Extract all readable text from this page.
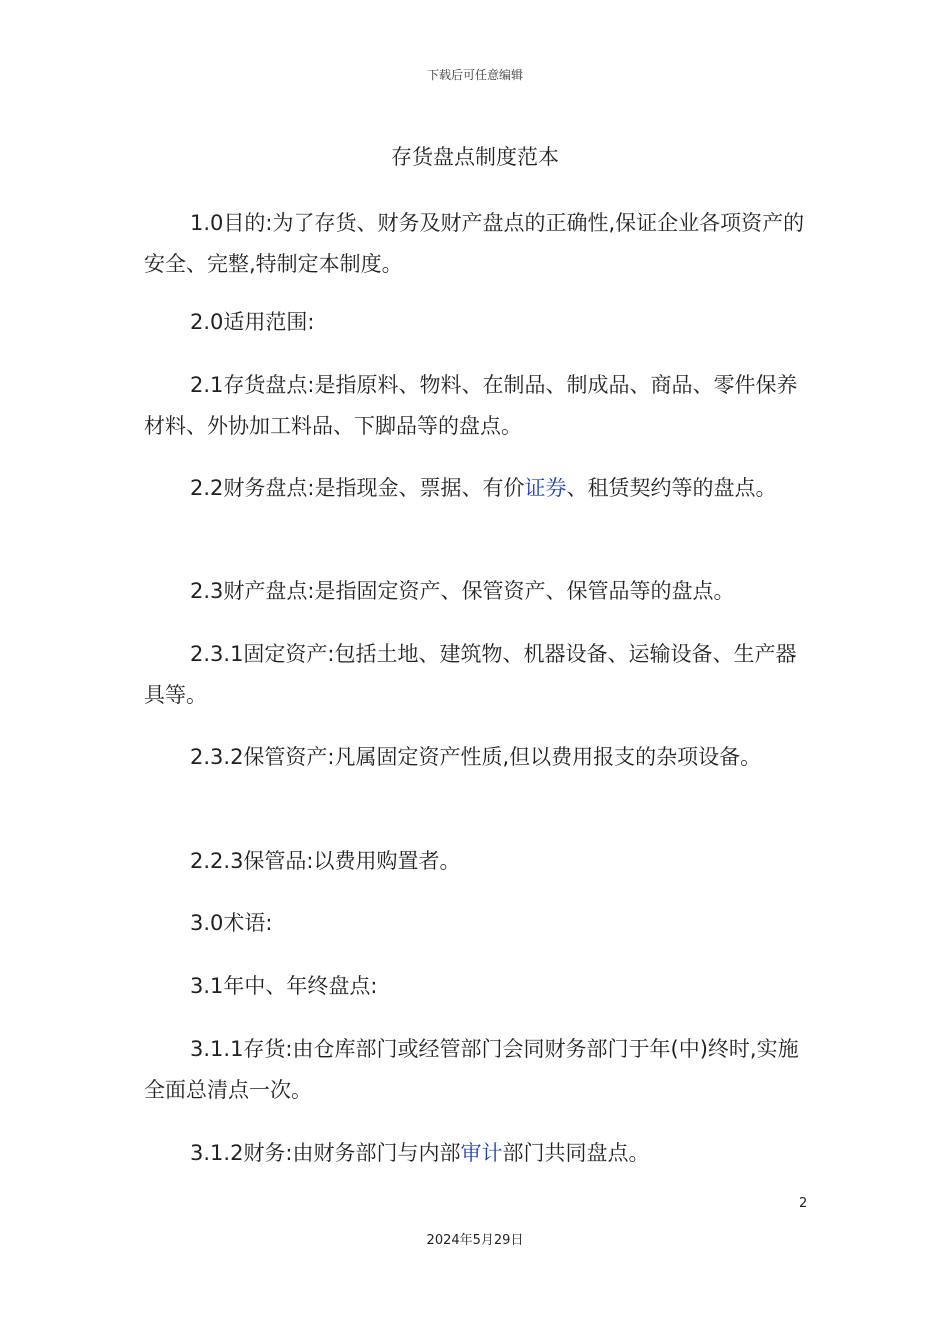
下载后可任意编辑
存货盘点制度范本

1.0目的:为了存货、财务及财产盘点的正确性,保证企业各项资产的安全、完整,特制定本制度。

2.0适用范围:

2.1存货盘点:是指原料、物料、在制品、制成品、商品、零件保养材料、外协加工料品、下脚品等的盘点。

2.2财务盘点:是指现金、票据、有价证券、租赁契约等的盘点。

2.3财产盘点:是指固定资产、保管资产、保管品等的盘点。

2.3.1固定资产:包括土地、建筑物、机器设备、运输设备、生产器具等。

2.3.2保管资产:凡属固定资产性质,但以费用报支的杂项设备。

2.2.3保管品:以费用购置者。

3.0术语:

3.1年中、年终盘点:

3.1.1存货:由仓库部门或经管部门会同财务部门于年(中)终时,实施全面总清点一次。

3.1.2财务:由财务部门与内部审计部门共同盘点。

2
2024年5月29日
